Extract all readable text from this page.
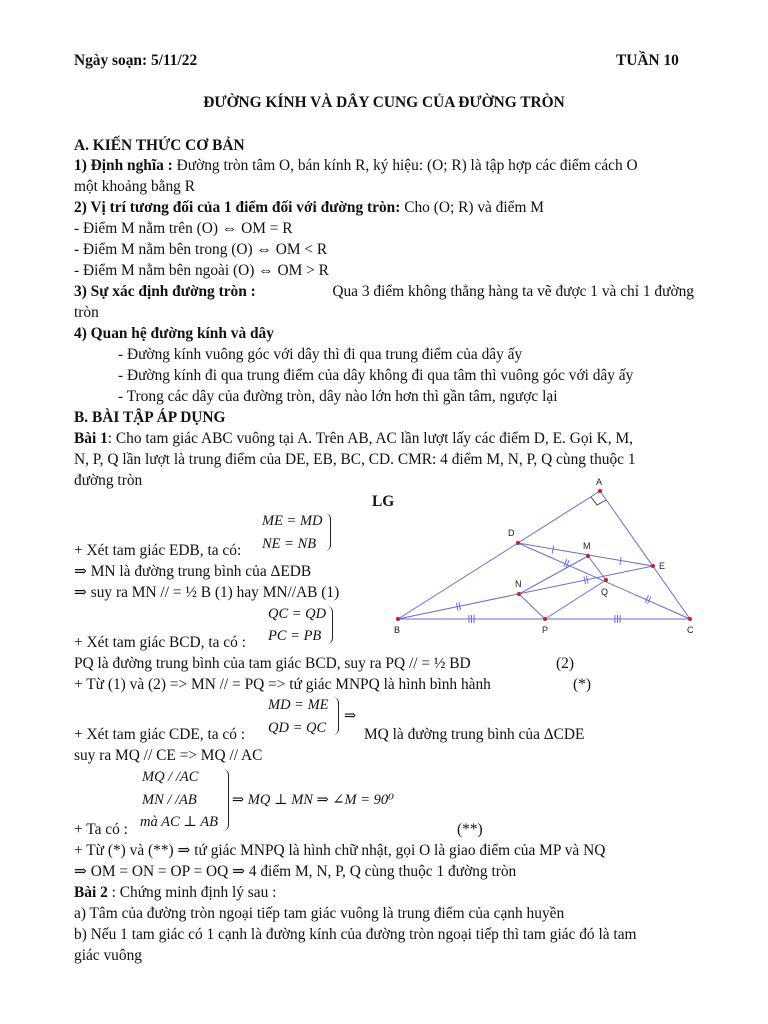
Ngày soạn: 5/11/22	TUẦN 10
ĐƯỜNG KÍNH VÀ DÂY CUNG CỦA ĐƯỜNG TRÒN
A. KIẾN THỨC CƠ BẢN
1) Định nghĩa : Đường tròn tâm O, bán kính R, ký hiệu: (O; R) là tập hợp các điểm cách O
một khoảng bằng R
2) Vị trí tương đối của 1 điểm đối với đường tròn: Cho (O; R) và điểm M
- Điểm M nằm trên (O) ⇔ OM = R
- Điểm M nằm bên trong (O) ⇔ OM < R
- Điểm M nằm bên ngoài (O) ⇔ OM > R
3) Sự xác định đường tròn :	Qua 3 điểm không thẳng hàng ta vẽ được 1 và chỉ 1 đường
tròn
4) Quan hệ đường kính và dây
- Đường kính vuông góc với dây thì đi qua trung điểm của dây ấy
- Đường kính đi qua trung điểm của dây không đi qua tâm thì vuông góc với dây ấy
- Trong các dây của đường tròn, dây nào lớn hơn thì gần tâm, ngược lại
B. BÀI TẬP ÁP DỤNG
Bài 1: Cho tam giác ABC vuông tại A. Trên AB, AC lần lượt lấy các điểm D, E. Gọi K, M,
N, P, Q lần lượt là trung điểm của DE, EB, BC, CD. CMR: 4 điểm M, N, P, Q cùng thuộc 1
đường tròn
LG
ME = MD
NE = NB
+ Xét tam giác EDB, ta có:
⇒ MN là đường trung bình của ΔEDB
⇒ suy ra MN // = ½ B (1) hay MN//AB (1)
QC = QD
PC = PB
+ Xét tam giác BCD, ta có :
PQ là đường trung bình của tam giác BCD, suy ra PQ // = ½ BD	(2)
+ Từ (1) và (2) => MN // = PQ => tứ giác MNPQ là hình bình hành	(*)
MD = ME
QD = QC
⇒
+ Xét tam giác CDE, ta có :	MQ là đường trung bình của ΔCDE
suy ra MQ // CE => MQ // AC
MQ / /AC
MN / /AB
mà AC ⊥ AB
⇒ MQ ⊥ MN ⇒ ∠M = 90⁰
+ Ta có :	(**)
+ Từ (*) và (**) ⇒ tứ giác MNPQ là hình chữ nhật, gọi O là giao điểm của MP và NQ
⇒ OM = ON = OP = OQ ⇒ 4 điểm M, N, P, Q cùng thuộc 1 đường tròn
Bài 2 : Chứng minh định lý sau :
a) Tâm của đường tròn ngoại tiếp tam giác vuông là trung điểm của cạnh huyền
b) Nếu 1 tam giác có 1 cạnh là đường kính của đường tròn ngoại tiếp thì tam giác đó là tam
giác vuông
A
B	C
D
E
M
N
P
Q
